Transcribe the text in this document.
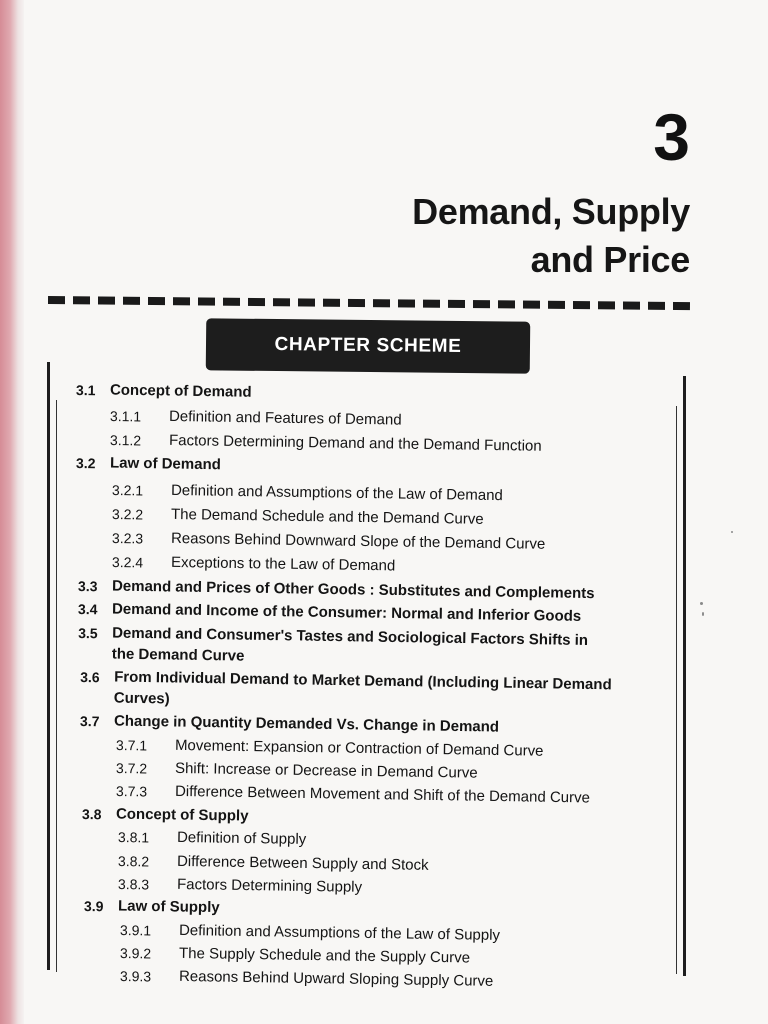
3
Demand, Supply
and Price
CHAPTER SCHEME
3.1 Concept of Demand
3.1.1 Definition and Features of Demand
3.1.2 Factors Determining Demand and the Demand Function
3.2 Law of Demand
3.2.1 Definition and Assumptions of the Law of Demand
3.2.2 The Demand Schedule and the Demand Curve
3.2.3 Reasons Behind Downward Slope of the Demand Curve
3.2.4 Exceptions to the Law of Demand
3.3 Demand and Prices of Other Goods : Substitutes and Complements
3.4 Demand and Income of the Consumer: Normal and Inferior Goods
3.5 Demand and Consumer's Tastes and Sociological Factors Shifts in
the Demand Curve
3.6 From Individual Demand to Market Demand (Including Linear Demand
Curves)
3.7 Change in Quantity Demanded Vs. Change in Demand
3.7.1 Movement: Expansion or Contraction of Demand Curve
3.7.2 Shift: Increase or Decrease in Demand Curve
3.7.3 Difference Between Movement and Shift of the Demand Curve
3.8 Concept of Supply
3.8.1 Definition of Supply
3.8.2 Difference Between Supply and Stock
3.8.3 Factors Determining Supply
3.9 Law of Supply
3.9.1 Definition and Assumptions of the Law of Supply
3.9.2 The Supply Schedule and the Supply Curve
3.9.3 Reasons Behind Upward Sloping Supply Curve
